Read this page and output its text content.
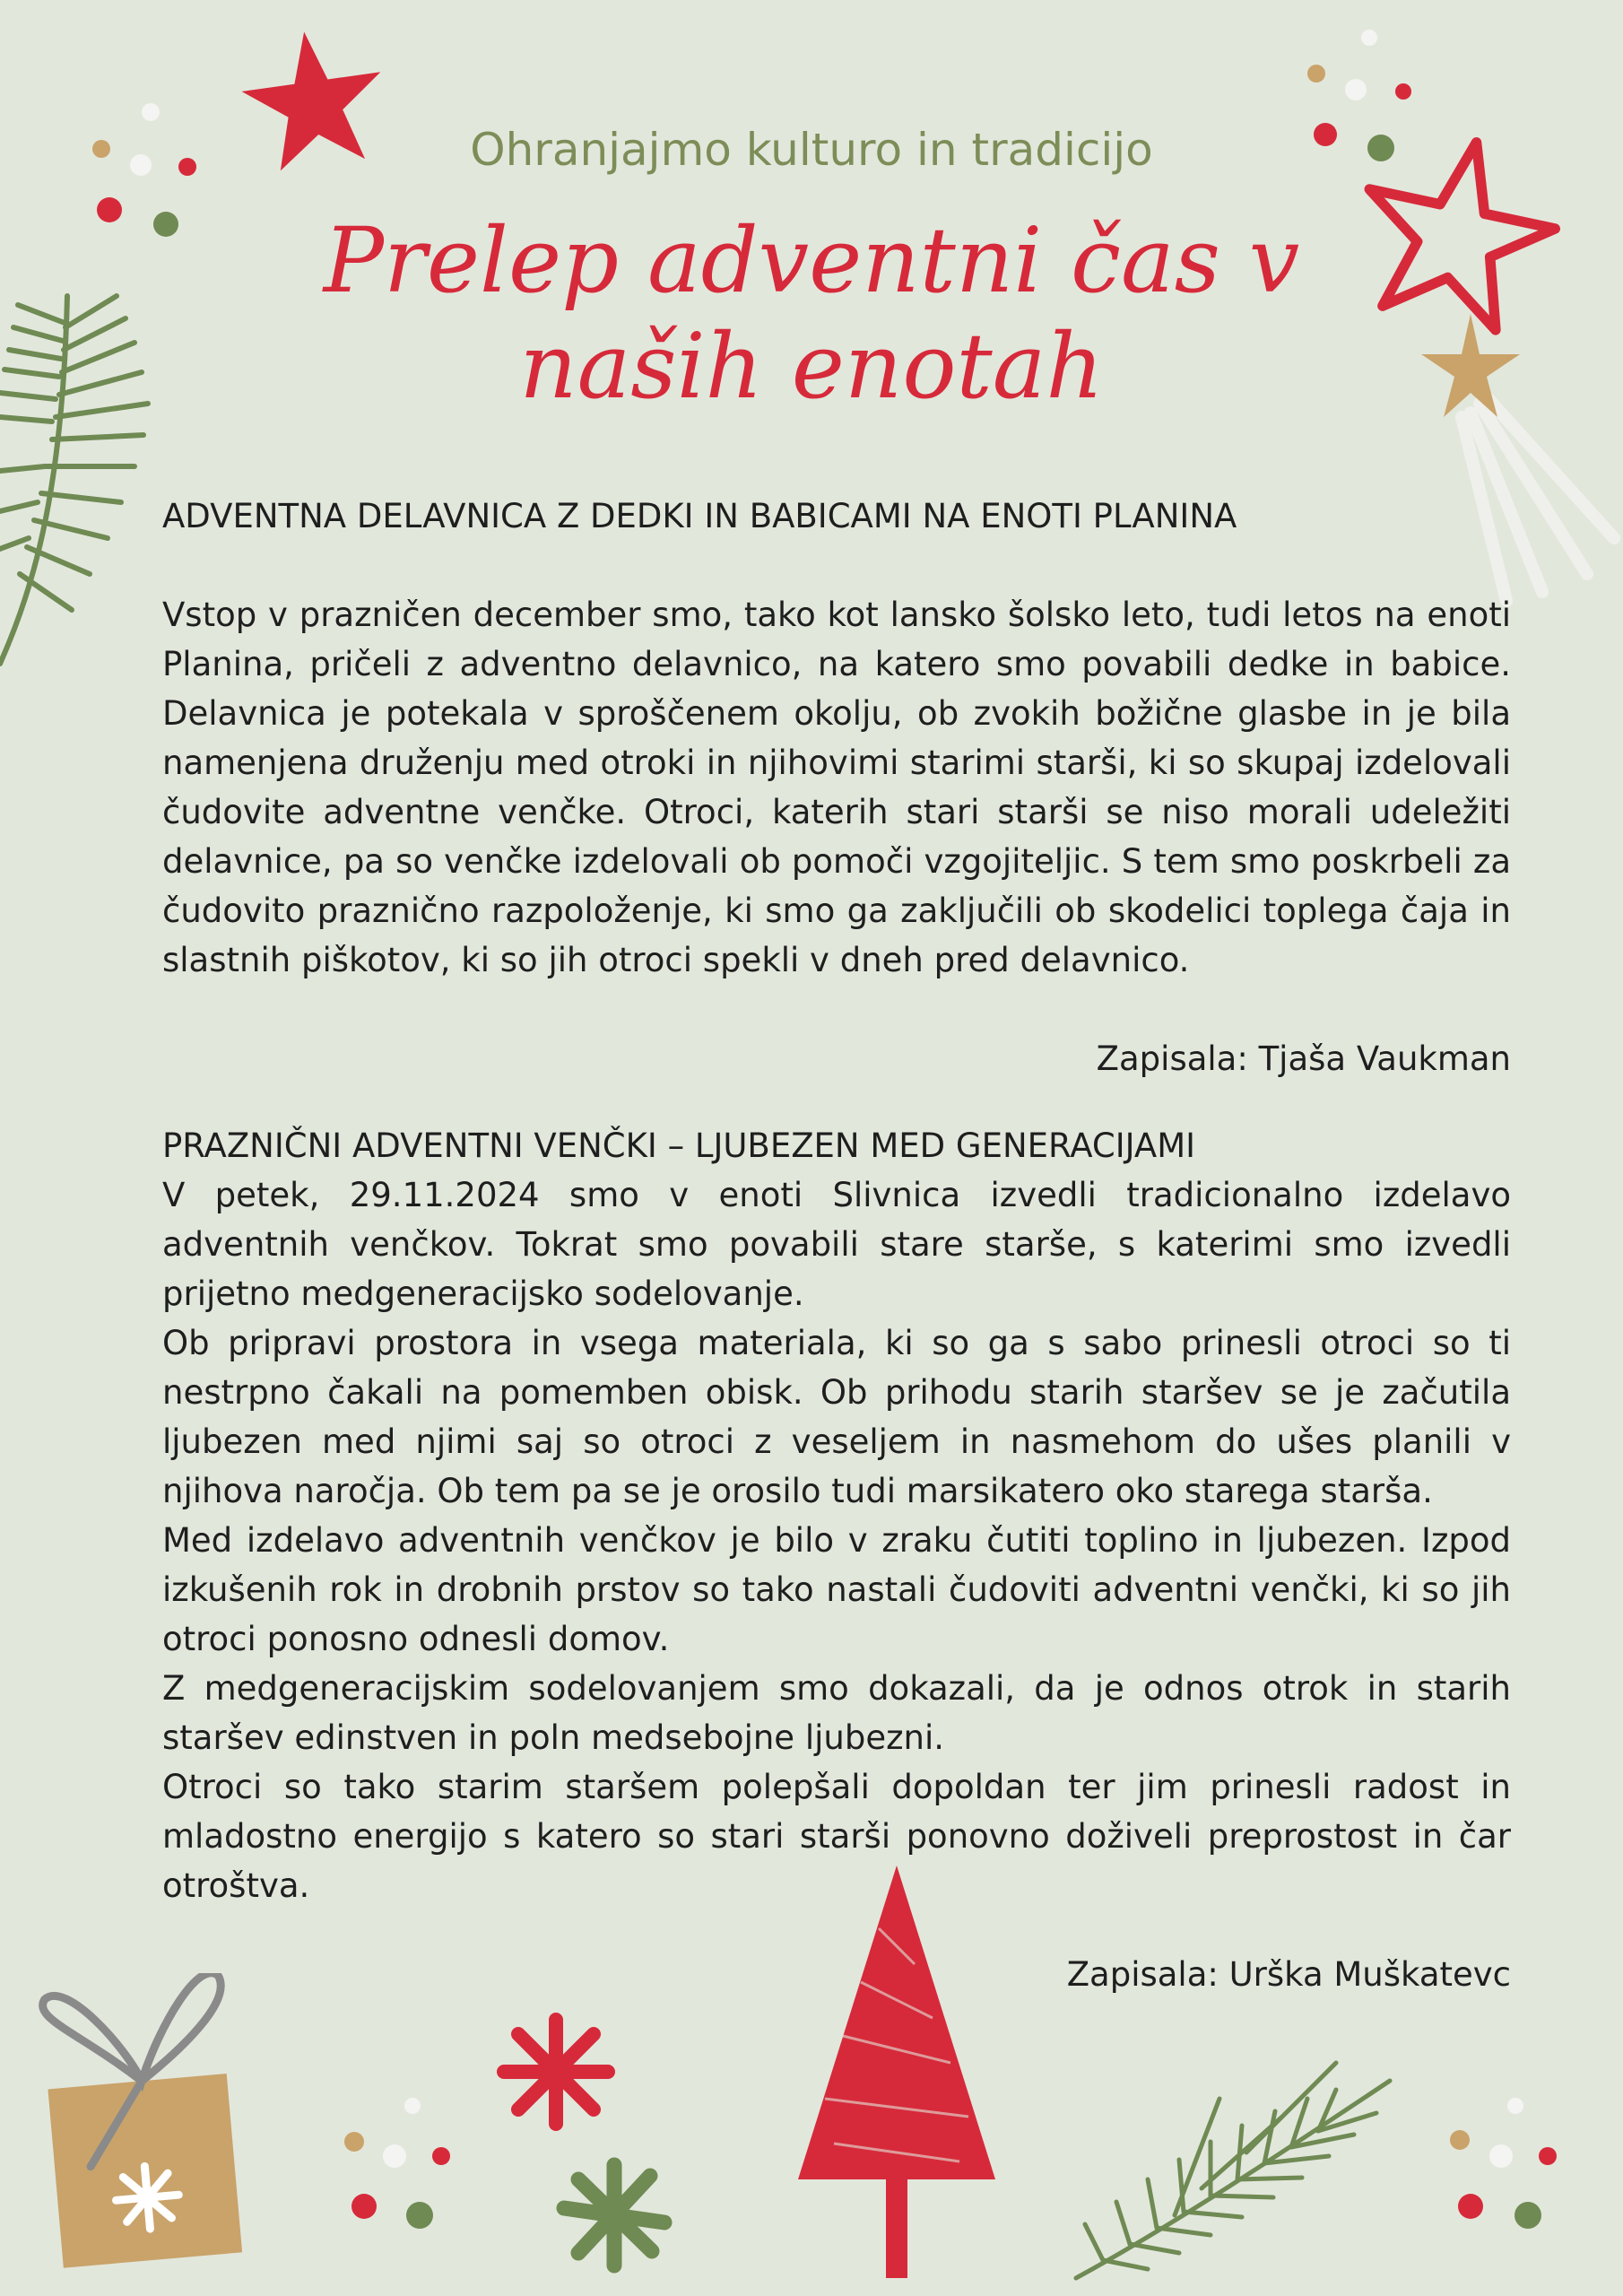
Ohranjajmo kulturo in tradicijo
Prelep adventni čas v
naših enotah
ADVENTNA DELAVNICA Z DEDKI IN BABICAMI NA ENOTI PLANINA

Vstop v prazničen december smo, tako kot lansko šolsko leto, tudi letos na enoti Planina, pričeli z adventno delavnico, na katero smo povabili dedke in babice. Delavnica je potekala v sproščenem okolju, ob zvokih božične glasbe in je bila namenjena druženju med otroki in njihovimi starimi starši, ki so skupaj izdelovali čudovite adventne venčke. Otroci, katerih stari starši se niso morali udeležiti delavnice, pa so venčke izdelovali ob pomoči vzgojiteljic. S tem smo poskrbeli za čudovito praznično razpoloženje, ki smo ga zaključili ob skodelici toplega čaja in slastnih piškotov, ki so jih otroci spekli v dneh pred delavnico.

Zapisala: Tjaša Vaukman

PRAZNIČNI ADVENTNI VENČKI – LJUBEZEN MED GENERACIJAMI

V petek, 29.11.2024 smo v enoti Slivnica izvedli tradicionalno izdelavo adventnih venčkov. Tokrat smo povabili stare starše, s katerimi smo izvedli prijetno medgeneracijsko sodelovanje.

Ob pripravi prostora in vsega materiala, ki so ga s sabo prinesli otroci so ti nestrpno čakali na pomemben obisk. Ob prihodu starih staršev se je začutila ljubezen med njimi saj so otroci z veseljem in nasmehom do ušes planili v njihova naročja. Ob tem pa se je orosilo tudi marsikatero oko starega starša.

Med izdelavo adventnih venčkov je bilo v zraku čutiti toplino in ljubezen. Izpod izkušenih rok in drobnih prstov so tako nastali čudoviti adventni venčki, ki so jih otroci ponosno odnesli domov.

Z medgeneracijskim sodelovanjem smo dokazali, da je odnos otrok in starih staršev edinstven in poln medsebojne ljubezni.

Otroci so tako starim staršem polepšali dopoldan ter jim prinesli radost in mladostno energijo s katero so stari starši ponovno doživeli preprostost in čar otroštva.

Zapisala: Urška Muškatevc
